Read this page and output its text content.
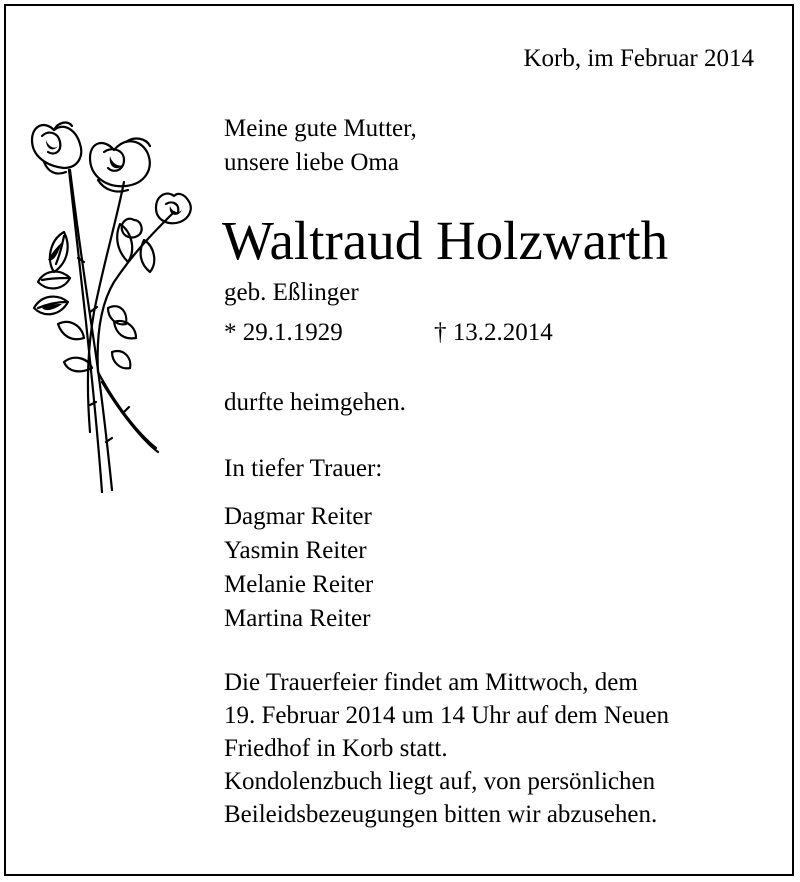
Korb, im Februar 2014
Meine gute Mutter,
unsere liebe Oma
Waltraud Holzwarth
geb. Eßlinger
* 29.1.1929	† 13.2.2014
durfte heimgehen.
In tiefer Trauer:
Dagmar Reiter
Yasmin Reiter
Melanie Reiter
Martina Reiter
Die Trauerfeier findet am Mittwoch, dem
19. Februar 2014 um 14 Uhr auf dem Neuen
Friedhof in Korb statt.
Kondolenzbuch liegt auf, von persönlichen
Beileidsbezeugungen bitten wir abzusehen.
